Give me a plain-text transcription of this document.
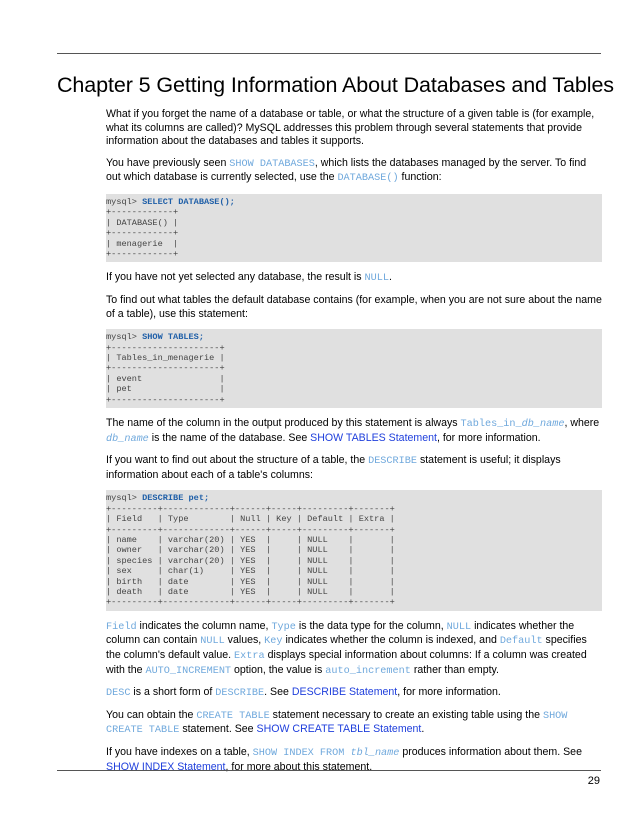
Chapter 5 Getting Information About Databases and Tables

What if you forget the name of a database or table, or what the structure of a given table is (for example, what its columns are called)? MySQL addresses this problem through several statements that provide information about the databases and tables it supports.

You have previously seen SHOW DATABASES, which lists the databases managed by the server. To find out which database is currently selected, use the DATABASE() function:

mysql> SELECT DATABASE();
+------------+
| DATABASE() |
+------------+
| menagerie  |
+------------+

If you have not yet selected any database, the result is NULL.

To find out what tables the default database contains (for example, when you are not sure about the name of a table), use this statement:

mysql> SHOW TABLES;
+---------------------+
| Tables_in_menagerie |
+---------------------+
| event               |
| pet                 |
+---------------------+

The name of the column in the output produced by this statement is always Tables_in_db_name, where db_name is the name of the database. See SHOW TABLES Statement, for more information.

If you want to find out about the structure of a table, the DESCRIBE statement is useful; it displays information about each of a table's columns:

mysql> DESCRIBE pet;
+---------+-------------+------+-----+---------+-------+
| Field   | Type        | Null | Key | Default | Extra |
+---------+-------------+------+-----+---------+-------+
| name    | varchar(20) | YES  |     | NULL    |       |
| owner   | varchar(20) | YES  |     | NULL    |       |
| species | varchar(20) | YES  |     | NULL    |       |
| sex     | char(1)     | YES  |     | NULL    |       |
| birth   | date        | YES  |     | NULL    |       |
| death   | date        | YES  |     | NULL    |       |
+---------+-------------+------+-----+---------+-------+

Field indicates the column name, Type is the data type for the column, NULL indicates whether the column can contain NULL values, Key indicates whether the column is indexed, and Default specifies the column's default value. Extra displays special information about columns: If a column was created with the AUTO_INCREMENT option, the value is auto_increment rather than empty.

DESC is a short form of DESCRIBE. See DESCRIBE Statement, for more information.

You can obtain the CREATE TABLE statement necessary to create an existing table using the SHOW CREATE TABLE statement. See SHOW CREATE TABLE Statement.

If you have indexes on a table, SHOW INDEX FROM tbl_name produces information about them. See SHOW INDEX Statement, for more about this statement.

29
